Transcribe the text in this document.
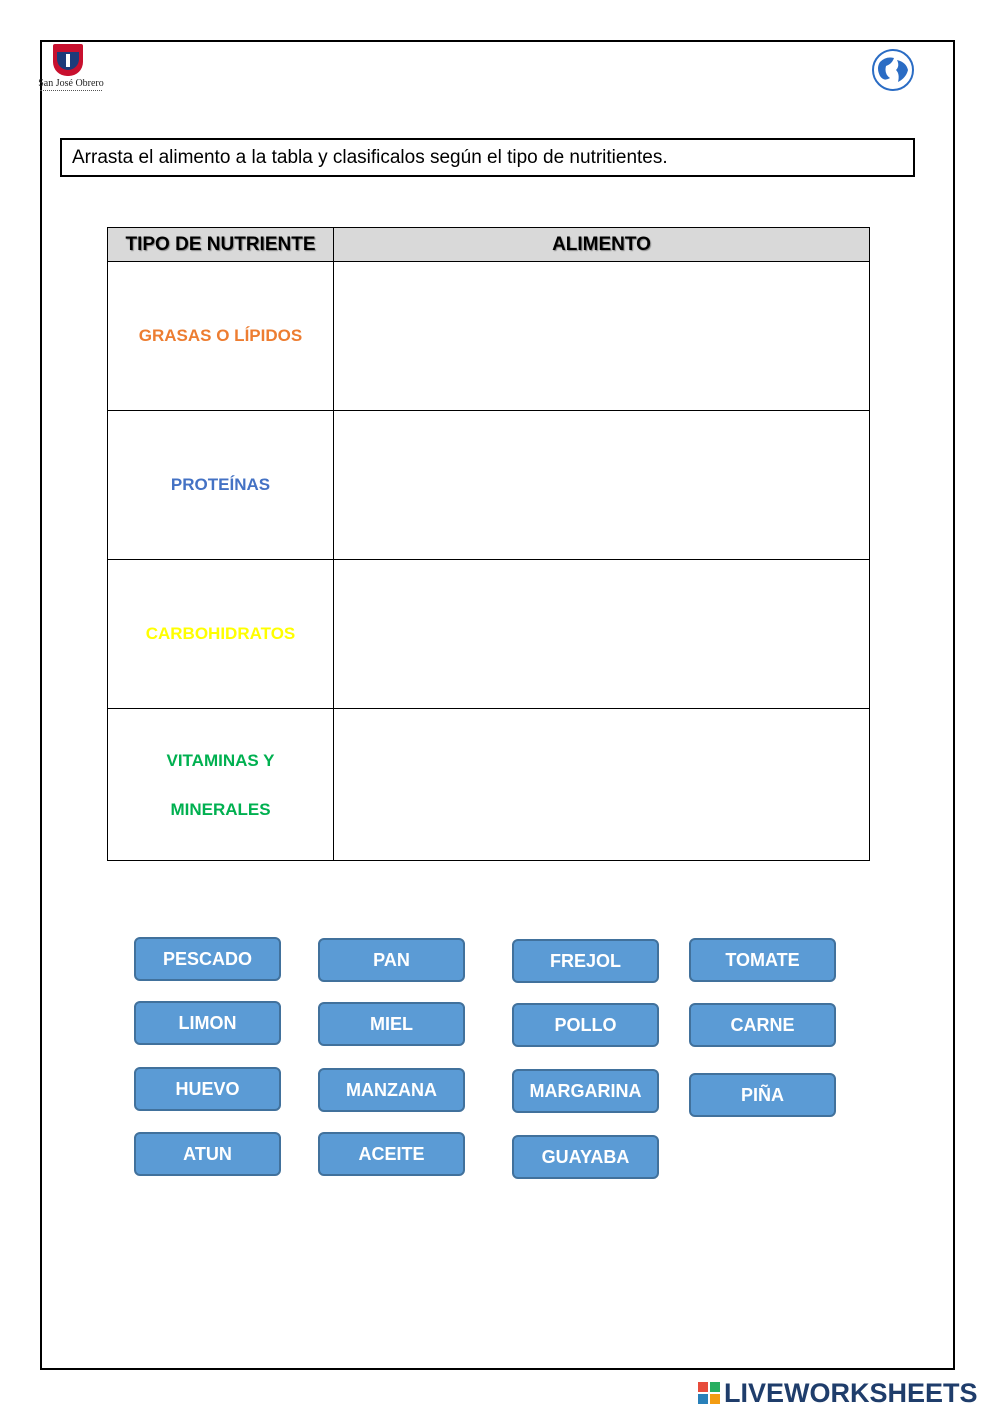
San José Obrero
Arrasta el alimento a la tabla y clasificalos según el tipo de nutritientes.
TIPO DE NUTRIENTE	ALIMENTO
GRASAS O LÍPIDOS	
PROTEÍNAS	
CARBOHIDRATOS	

VITAMINAS Y
MINERALES	

PESCADO	PAN	FREJOL	TOMATE
LIMON	MIEL	POLLO	CARNE
HUEVO	MANZANA	MARGARINA	PIÑA
ATUN	ACEITE	GUAYABA
LIVEWORKSHEETS
